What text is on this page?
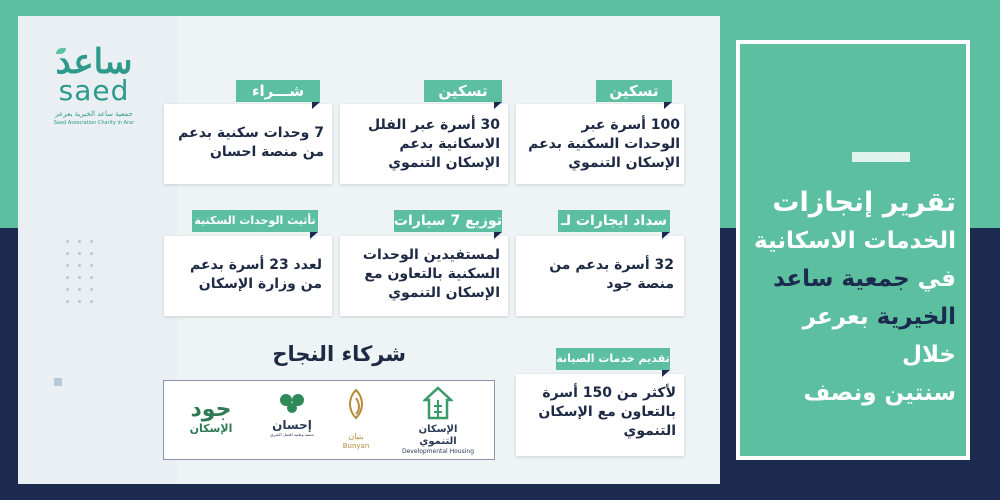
ساعد
saed
جمعية ساعد الخيرية بعرعر
Saed Association Charity in Arar	100 أسرة عبر الوحدات السكنية بدعم الإسكان التنموي
تسكين
30 أسرة عبر الفلل الاسكانية بدعم الإسكان التنموي
تسكين
7 وحدات سكنية بدعم من منصة احسان
شـــراء
32 أسرة بدعم من منصة جود
سداد ايجارات لـ
لمستفيدين الوحدات السكنية بالتعاون مع الإسكان التنموي
توزيع 7 سيارات
لعدد 23 أسرة بدعم من وزارة الإسكان
تأثيث الوحدات السكنية
لأكثر من 150 أسرة بالتعاون مع الإسكان التنموي
تقديم خدمات الصيانة
شركاء النجاح
جود
الإسكان	إحسان
منصة وطنية للعمل الخيري	بنيان
Bunyan
الإسكان التنموي
Developmental Housing
تقرير إنجازات
الخدمات الاسكانية
في جمعية ساعد
الخيرية بعرعر خلال
سنتين ونصف
